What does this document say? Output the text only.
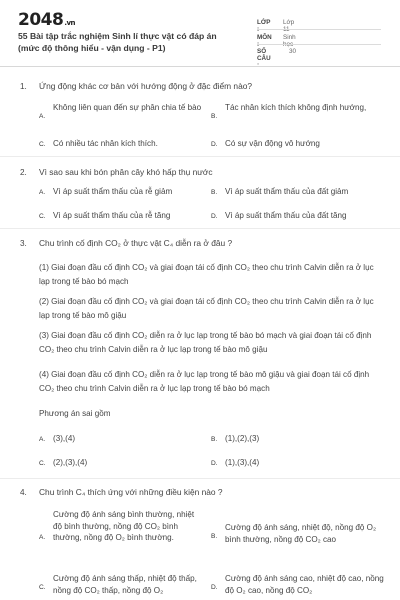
2048.vn
55 Bài tập trắc nghiệm Sinh lí thực vật có đáp án (mức độ thông hiểu - vận dụng - P1)
LỚP Lớp
MÔN Sinh
SỐ CÂU
30
1. Ứng động khác cơ bản với hướng động ở đặc điểm nào?
A.
Không liên quan đến sự phân chia tế bào
B.
Tác nhân kích thích không định hướng,
C. Có nhiều tác nhân kích thích.	D. Có sự vận động vô hướng
2. Vì sao sau khi bón phân cây khó hấp thụ nước
A. Vì áp suất thẩm thấu của rễ giảm	B. Vì áp suất thẩm thấu của đất giảm
C. Vì áp suất thẩm thấu của rễ tăng	D. Vì áp suất thẩm thấu của đất tăng
3. Chu trình cố định CO₂ ở thực vật C₄ diễn ra ở đâu ?
(1) Giai đoạn đầu cố định CO₂ và giai đoạn tái cố định CO₂ theo chu trình Calvin diễn ra ở lục lạp trong tế bào bó mạch
(2) Giai đoạn đầu cố định CO₂ và giai đoạn tái cố định CO₂ theo chu trình Calvin diễn ra ở lục lạp trong tế bào mô giậu
(3) Giai đoạn đầu cố định CO₂ diễn ra ở lục lạp trong tế bào bó mạch và giai đoạn tái cố định CO₂ theo chu trình Calvin diễn ra ở lục lạp trong tế bào mô giậu
(4) Giai đoạn đầu cố định CO₂ diễn ra ở lục lạp trong tế bào mô giậu và giai đoạn tái cố định CO₂ theo chu trình Calvin diễn ra ở lục lạp trong tế bào bó mạch
Phương án sai gồm
A. (3),(4)	B. (1),(2),(3)
C. (2),(3),(4)	D. (1),(3),(4)
4. Chu trình C₄ thích ứng với những điều kiện nào ?
A.
Cường độ ánh sáng bình thường, nhiệt độ bình thường, nồng độ CO₂ bình thường, nồng độ O₂ bình thường.	B.
Cường độ ánh sáng, nhiệt độ, nồng độ O₂ bình thường, nồng độ CO₂ cao
C.
Cường độ ánh sáng thấp, nhiệt độ thấp, nồng độ CO₂ thấp, nồng độ O₂	D.
Cường độ ánh sáng cao, nhiệt độ cao, nồng độ O₂ cao, nồng độ CO₂
